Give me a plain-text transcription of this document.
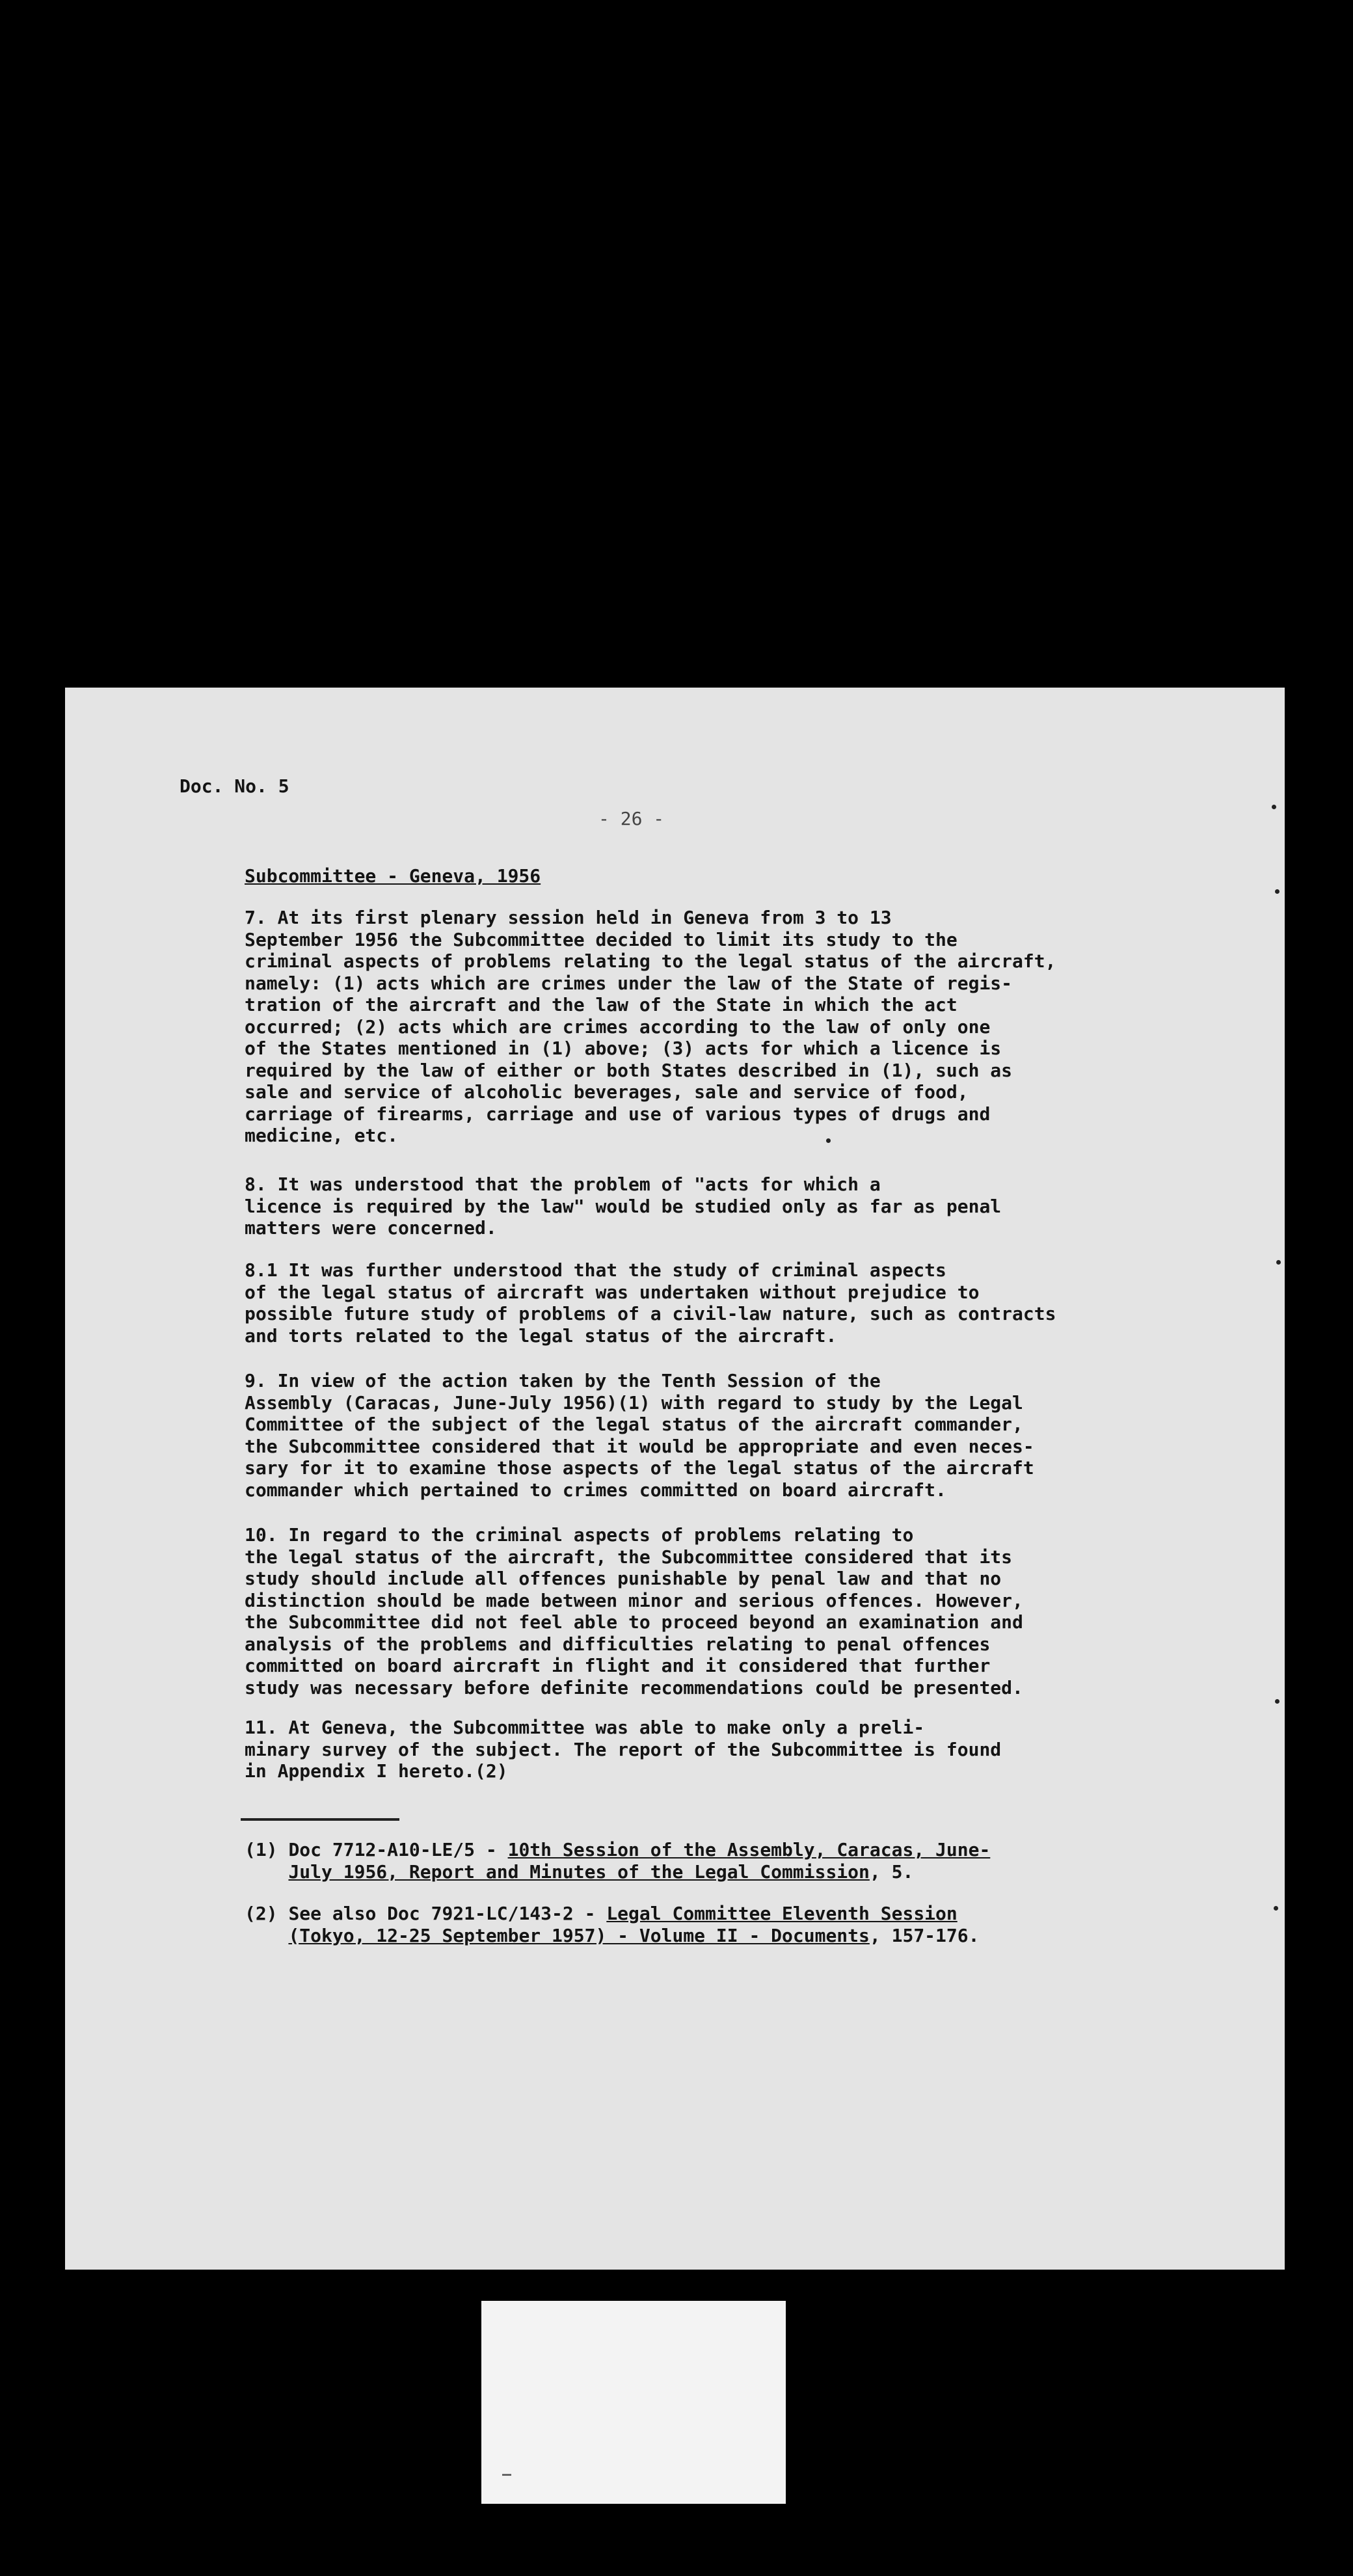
Doc. No. 5

- 26 -

Subcommittee - Geneva, 1956

7. At its first plenary session held in Geneva from 3 to 13
September 1956 the Subcommittee decided to limit its study to the
criminal aspects of problems relating to the legal status of the aircraft,
namely: (1) acts which are crimes under the law of the State of regis-
tration of the aircraft and the law of the State in which the act
occurred; (2) acts which are crimes according to the law of only one
of the States mentioned in (1) above; (3) acts for which a licence is
required by the law of either or both States described in (1), such as
sale and service of alcoholic beverages, sale and service of food,
carriage of firearms, carriage and use of various types of drugs and
medicine, etc.

8. It was understood that the problem of "acts for which a
licence is required by the law" would be studied only as far as penal
matters were concerned.

8.1 It was further understood that the study of criminal aspects
of the legal status of aircraft was undertaken without prejudice to
possible future study of problems of a civil-law nature, such as contracts
and torts related to the legal status of the aircraft.

9. In view of the action taken by the Tenth Session of the
Assembly (Caracas, June-July 1956)(1) with regard to study by the Legal
Committee of the subject of the legal status of the aircraft commander,
the Subcommittee considered that it would be appropriate and even neces-
sary for it to examine those aspects of the legal status of the aircraft
commander which pertained to crimes committed on board aircraft.

10. In regard to the criminal aspects of problems relating to
the legal status of the aircraft, the Subcommittee considered that its
study should include all offences punishable by penal law and that no
distinction should be made between minor and serious offences. However,
the Subcommittee did not feel able to proceed beyond an examination and
analysis of the problems and difficulties relating to penal offences
committed on board aircraft in flight and it considered that further
study was necessary before definite recommendations could be presented.

11. At Geneva, the Subcommittee was able to make only a preli-
minary survey of the subject. The report of the Subcommittee is found
in Appendix I hereto.(2)

(1) Doc 7712-A10-LE/5 - 10th Session of the Assembly, Caracas, June-
July 1956, Report and Minutes of the Legal Commission, 5.

(2) See also Doc 7921-LC/143-2 - Legal Committee Eleventh Session
(Tokyo, 12-25 September 1957) - Volume II - Documents, 157-176.
